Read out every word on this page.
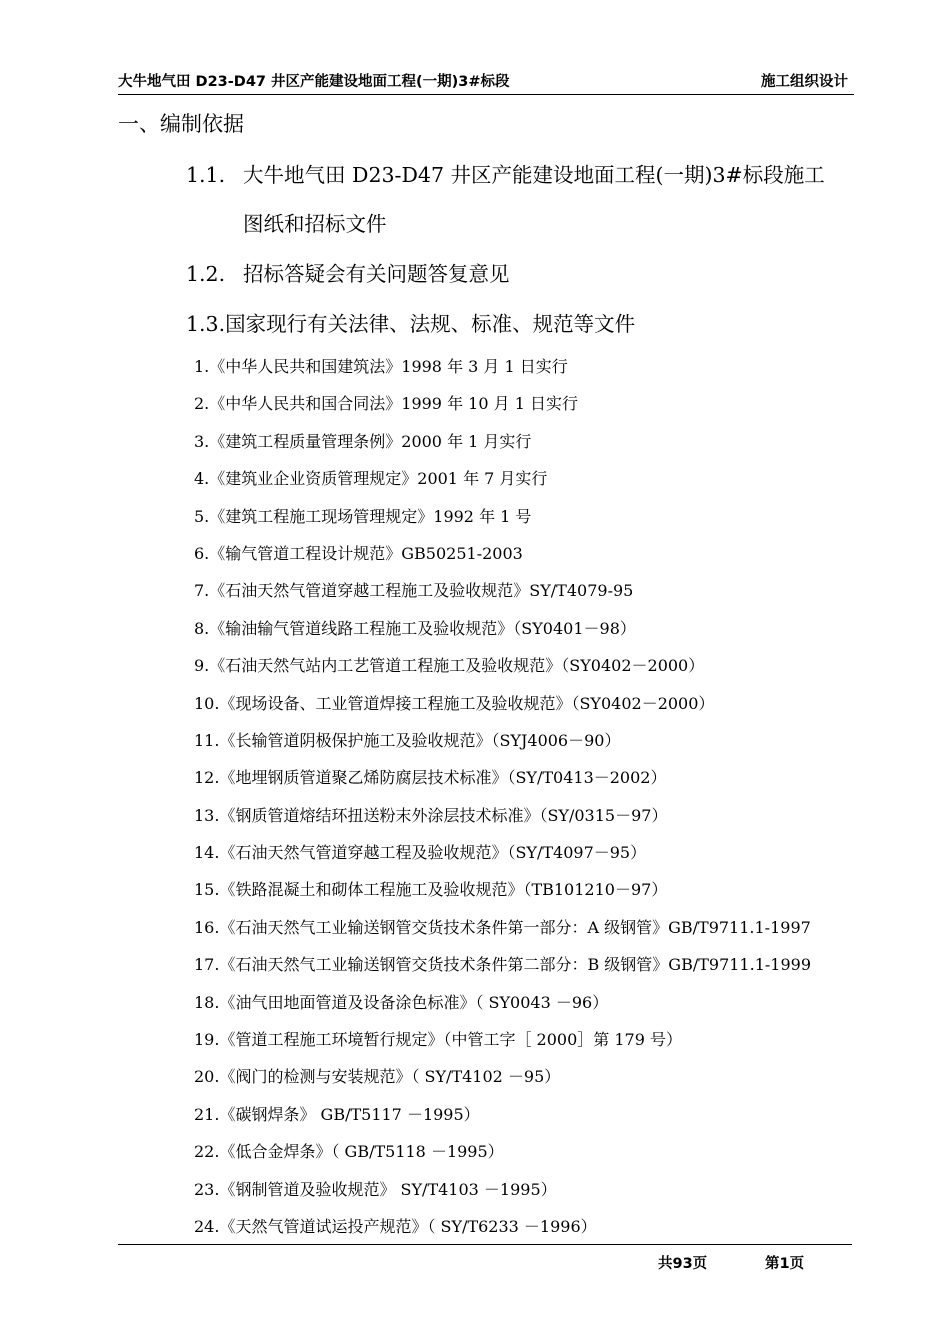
大牛地气田 D23-D47 井区产能建设地面工程(一期)3#标段	施工组织设计
一、编制依据
1.1. 大牛地气田 D23-D47 井区产能建设地面工程(一期)3#标段施工
图纸和招标文件
1.2. 招标答疑会有关问题答复意见
1.3.国家现行有关法律、法规、标准、规范等文件
1.《中华人民共和国建筑法》1998 年 3 月 1 日实行
2.《中华人民共和国合同法》1999 年 10 月 1 日实行
3.《建筑工程质量管理条例》2000 年 1 月实行
4.《建筑业企业资质管理规定》2001 年 7 月实行
5.《建筑工程施工现场管理规定》1992 年 1 号
6.《输气管道工程设计规范》GB50251-2003
7.《石油天然气管道穿越工程施工及验收规范》SY/T4079-95
8.《输油输气管道线路工程施工及验收规范》（SY0401－98）
9.《石油天然气站内工艺管道工程施工及验收规范》（SY0402－2000）
10.《现场设备、工业管道焊接工程施工及验收规范》（SY0402－2000）
11.《长输管道阴极保护施工及验收规范》（SYJ4006－90）
12.《地埋钢质管道聚乙烯防腐层技术标准》（SY/T0413－2002）
13.《钢质管道熔结环扭送粉末外涂层技术标准》（SY/0315－97）
14.《石油天然气管道穿越工程及验收规范》（SY/T4097－95）
15.《铁路混凝土和砌体工程施工及验收规范》（TB101210－97）
16.《石油天然气工业输送钢管交货技术条件第一部分：A 级钢管》GB/T9711.1-1997
17.《石油天然气工业输送钢管交货技术条件第二部分：B 级钢管》GB/T9711.1-1999
18.《油气田地面管道及设备涂色标准》（ SY0043 －96）
19.《管道工程施工环境暂行规定》（中管工字［ 2000］第 179 号）
20.《阀门的检测与安装规范》（ SY/T4102 －95）
21.《碳钢焊条》 GB/T5117 －1995）
22.《低合金焊条》（ GB/T5118 －1995）
23.《钢制管道及验收规范》 SY/T4103 －1995）
24.《天然气管道试运投产规范》（ SY/T6233 －1996）
共93页	第1页
